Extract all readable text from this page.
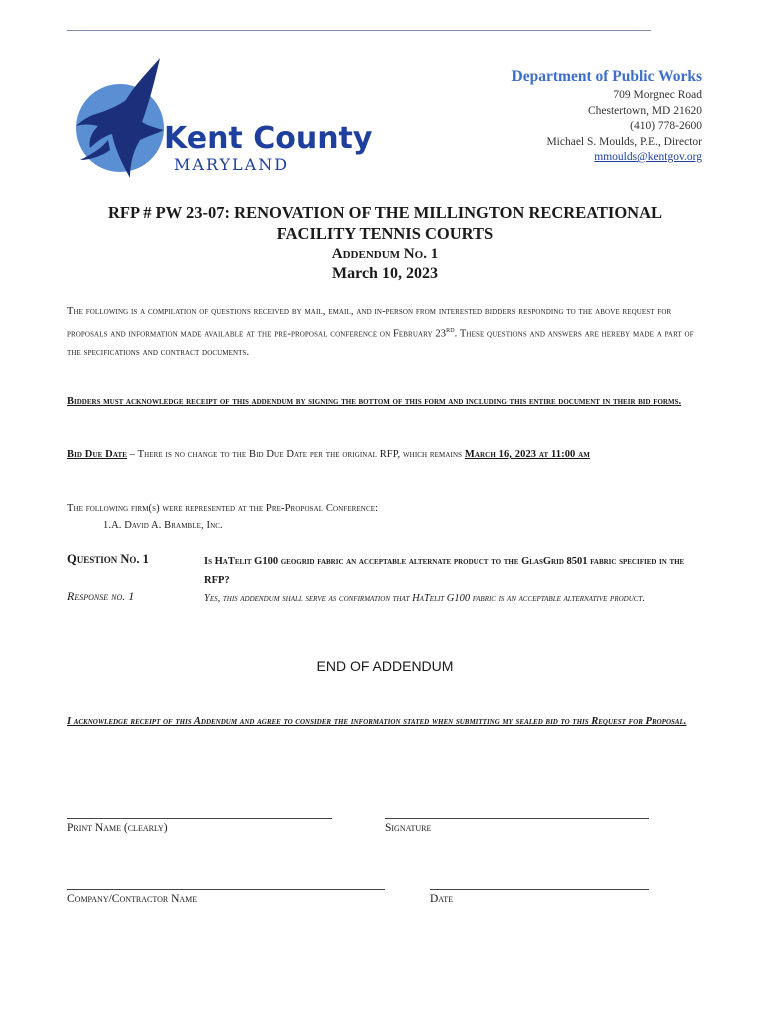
Kent County
MARYLAND
Department of Public Works
709 Morgnec Road
Chestertown, MD 21620
(410) 778-2600
Michael S. Moulds, P.E., Director
mmoulds@kentgov.org
RFP # PW 23-07: RENOVATION OF THE MILLINGTON RECREATIONAL
FACILITY TENNIS COURTS
Addendum No. 1
March 10, 2023
The following is a compilation of questions received by mail, email, and in-person from interested bidders responding to the above request for proposals and information made available at the pre-proposal conference on February 23rd. These questions and answers are hereby made a part of the specifications and contract documents.
Bidders must acknowledge receipt of this addendum by signing the bottom of this form and including this entire document in their bid forms.
Bid Due Date – There is no change to the Bid Due Date per the original RFP, which remains March 16, 2023 at 11:00 am
The following firm(s) were represented at the Pre-Proposal Conference:
1.A. David A. Bramble, Inc.
Question No. 1	Is HaTelit G100 geogrid fabric an acceptable alternate product to the GlasGrid 8501 fabric specified in the RFP?
Response no. 1	Yes, this addendum shall serve as confirmation that HaTelit G100 fabric is an acceptable alternative product.
END OF ADDENDUM
I acknowledge receipt of this Addendum and agree to consider the information stated when submitting my sealed bid to this Request for Proposal.
Print Name (clearly)	Signature
Company/Contractor Name	Date
